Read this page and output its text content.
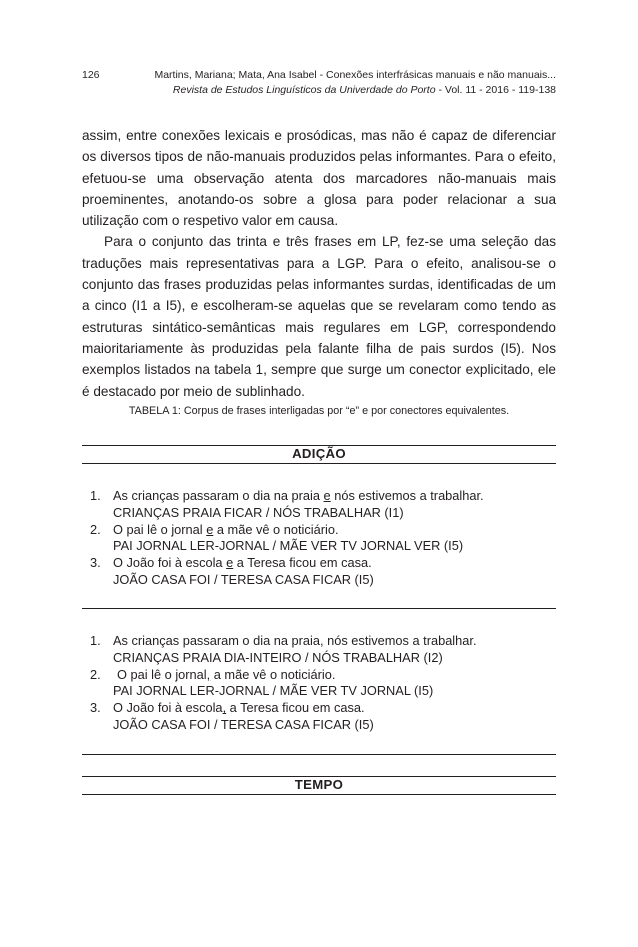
126	Martins, Mariana; Mata, Ana Isabel - Conexões interfrásicas manuais e não manuais...
Revista de Estudos Linguísticos da Univerdade do Porto - Vol. 11 - 2016 - 119-138

assim, entre conexões lexicais e prosódicas, mas não é capaz de diferenciar os diversos tipos de não-manuais produzidos pelas informantes. Para o efeito, efetuou-se uma observação atenta dos marcadores não-manuais mais proeminentes, anotando-os sobre a glosa para poder relacionar a sua utilização com o respetivo valor em causa.

Para o conjunto das trinta e três frases em LP, fez-se uma seleção das traduções mais representativas para a LGP. Para o efeito, analisou-se o conjunto das frases produzidas pelas informantes surdas, identificadas de um a cinco (I1 a I5), e escolheram-se aquelas que se revelaram como tendo as estruturas sintático-semânticas mais regulares em LGP, correspondendo maioritariamente às produzidas pela falante filha de pais surdos (I5). Nos exemplos listados na tabela 1, sempre que surge um conector explicitado, ele é destacado por meio de sublinhado.

TABELA 1: Corpus de frases interligadas por “e” e por conectores equivalentes.
ADIÇÃO
1. As crianças passaram o dia na praia e nós estivemos a trabalhar.
CRIANÇAS PRAIA FICAR / NÓS TRABALHAR (I1)
2. O pai lê o jornal e a mãe vê o noticiário.
PAI JORNAL LER-JORNAL / MÃE VER TV JORNAL VER (I5)
3. O João foi à escola e a Teresa ficou em casa.
JOÃO CASA FOI / TERESA CASA FICAR (I5)
1. As crianças passaram o dia na praia, nós estivemos a trabalhar.
CRIANÇAS PRAIA DIA-INTEIRO / NÓS TRABALHAR (I2)
2.	O pai lê o jornal, a mãe vê o noticiário.
PAI JORNAL LER-JORNAL / MÃE VER TV JORNAL (I5)
3. O João foi à escola, a Teresa ficou em casa.
JOÃO CASA FOI / TERESA CASA FICAR (I5)
TEMPO
